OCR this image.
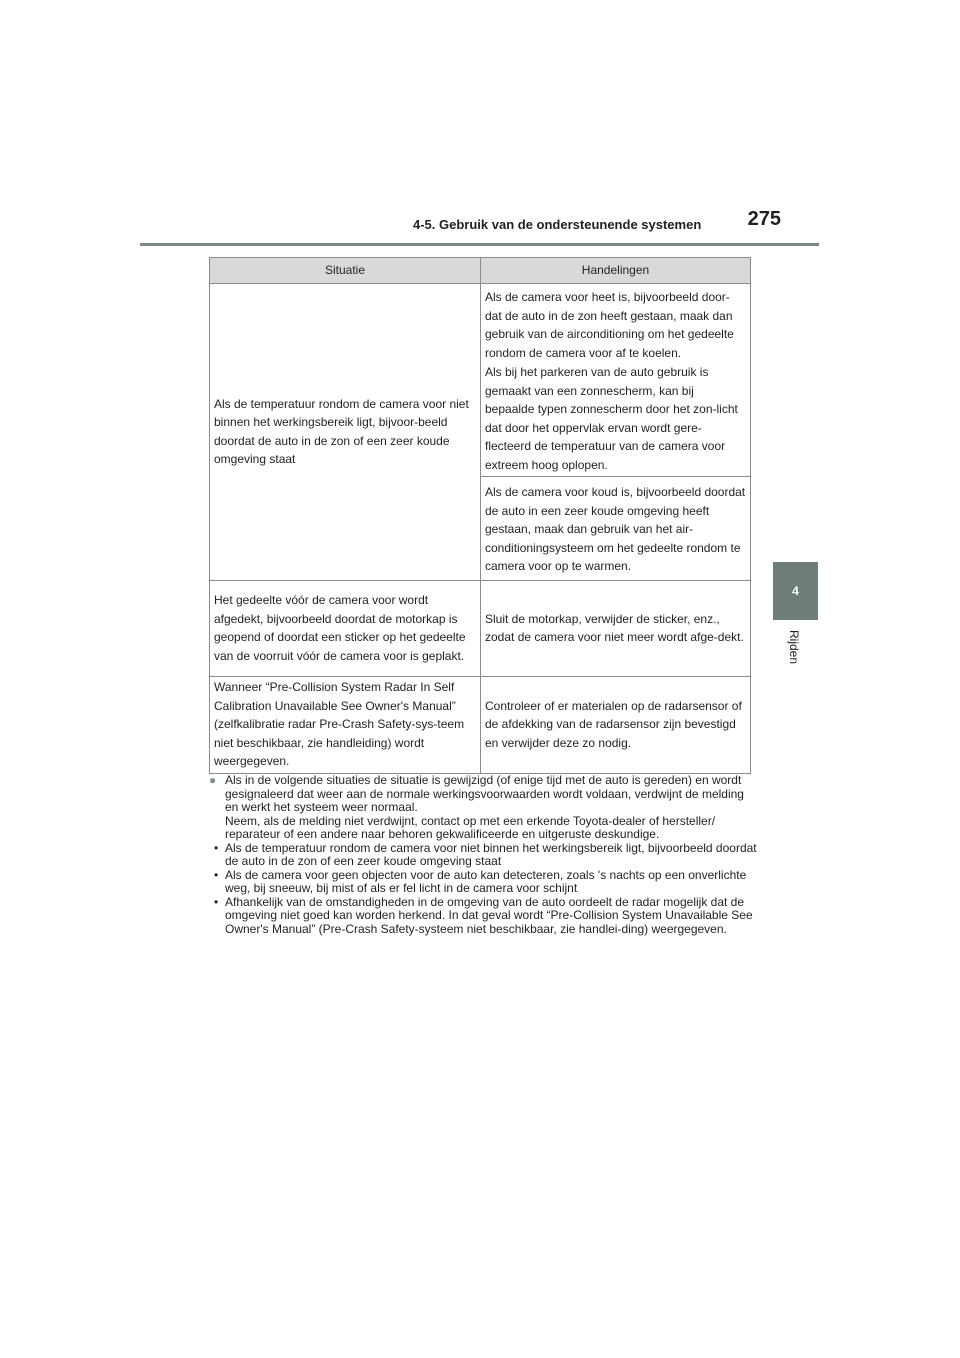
4-5. Gebruik van de ondersteunende systemen	275
4
Rijden
Situatie	Handelingen
Als de temperatuur rondom de camera voor niet binnen het werkingsbereik ligt, bijvoor-beeld doordat de auto in de zon of een zeer koude omgeving staat	Als de camera voor heet is, bijvoorbeeld door-dat de auto in de zon heeft gestaan, maak dan gebruik van de airconditioning om het gedeelte rondom de camera voor af te koelen.

Als bij het parkeren van de auto gebruik is gemaakt van een zonnescherm, kan bij bepaalde typen zonnescherm door het zon-licht dat door het oppervlak ervan wordt gere-flecteerd de temperatuur van de camera voor extreem hoog oplopen.

Als de camera voor koud is, bijvoorbeeld doordat de auto in een zeer koude omgeving heeft gestaan, maak dan gebruik van het air-conditioningsysteem om het gedeelte rondom te camera voor op te warmen.

Het gedeelte vóór de camera voor wordt afgedekt, bijvoorbeeld doordat de motorkap is geopend of doordat een sticker op het gedeelte van de voorruit vóór de camera voor is geplakt.	Sluit de motorkap, verwijder de sticker, enz., zodat de camera voor niet meer wordt afge-dekt.
Wanneer “Pre-Collision System Radar In Self Calibration Unavailable See Owner's Manual” (zelfkalibratie radar Pre-Crash Safety-sys-teem niet beschikbaar, zie handleiding) wordt weergegeven.	Controleer of er materialen op de radarsensor of de afdekking van de radarsensor zijn bevestigd en verwijder deze zo nodig.
● Als in de volgende situaties de situatie is gewijzigd (of enige tijd met de auto is gereden) en wordt gesignaleerd dat weer aan de normale werkingsvoorwaarden wordt voldaan, verdwijnt de melding en werkt het systeem weer normaal.
Neem, als de melding niet verdwijnt, contact op met een erkende Toyota-dealer of hersteller/ reparateur of een andere naar behoren gekwalificeerde en uitgeruste deskundige.
• Als de temperatuur rondom de camera voor niet binnen het werkingsbereik ligt, bijvoorbeeld doordat de auto in de zon of een zeer koude omgeving staat
• Als de camera voor geen objecten voor de auto kan detecteren, zoals 's nachts op een onverlichte weg, bij sneeuw, bij mist of als er fel licht in de camera voor schijnt
• Afhankelijk van de omstandigheden in de omgeving van de auto oordeelt de radar mogelijk dat de omgeving niet goed kan worden herkend. In dat geval wordt “Pre-Collision System Unavailable See Owner's Manual” (Pre-Crash Safety-systeem niet beschikbaar, zie handlei-ding) weergegeven.
